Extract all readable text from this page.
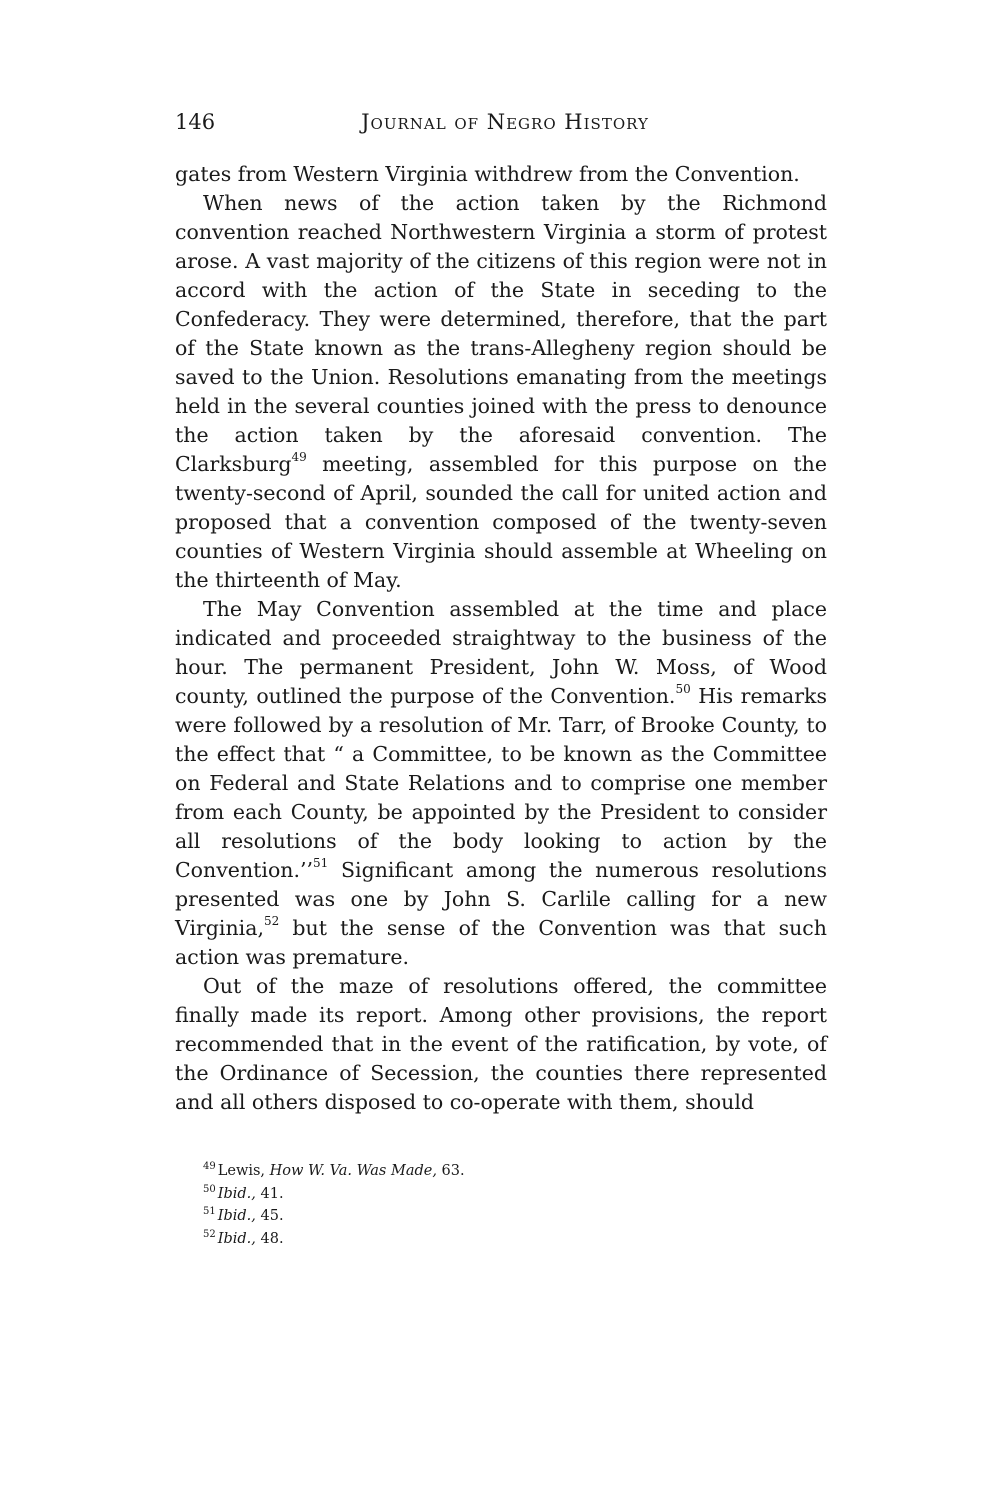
146	Journal of Negro History

gates from Western Virginia withdrew from the Convention.

When news of the action taken by the Richmond convention reached Northwestern Virginia a storm of protest arose. A vast majority of the citizens of this region were not in accord with the action of the State in seceding to the Confederacy. They were determined, therefore, that the part of the State known as the trans-Allegheny region should be saved to the Union. Resolutions emanating from the meetings held in the several counties joined with the press to denounce the action taken by the aforesaid convention. The Clarksburg$^{49}$ meeting, assembled for this purpose on the twenty-second of April, sounded the call for united action and proposed that a convention composed of the twenty-seven counties of Western Virginia should assemble at Wheeling on the thirteenth of May.

The May Convention assembled at the time and place indicated and proceeded straightway to the business of the hour. The permanent President, John W. Moss, of Wood county, outlined the purpose of the Convention.$^{50}$ His remarks were followed by a resolution of Mr. Tarr, of Brooke County, to the effect that “ a Committee, to be known as the Committee on Federal and State Relations and to comprise one member from each County, be appointed by the President to consider all resolutions of the body looking to action by the Convention.’’$^{51}$ Significant among the numerous resolutions presented was one by John S. Carlile calling for a new Virginia,$^{52}$ but the sense of the Convention was that such action was premature.

Out of the maze of resolutions offered, the committee finally made its report. Among other provisions, the report recommended that in the event of the ratification, by vote, of the Ordinance of Secession, the counties there represented and all others disposed to co-operate with them, should

$^{49}$ Lewis, How W. Va. Was Made, 63.

$^{50}$ Ibid., 41.

$^{51}$ Ibid., 45.

$^{52}$ Ibid., 48.
